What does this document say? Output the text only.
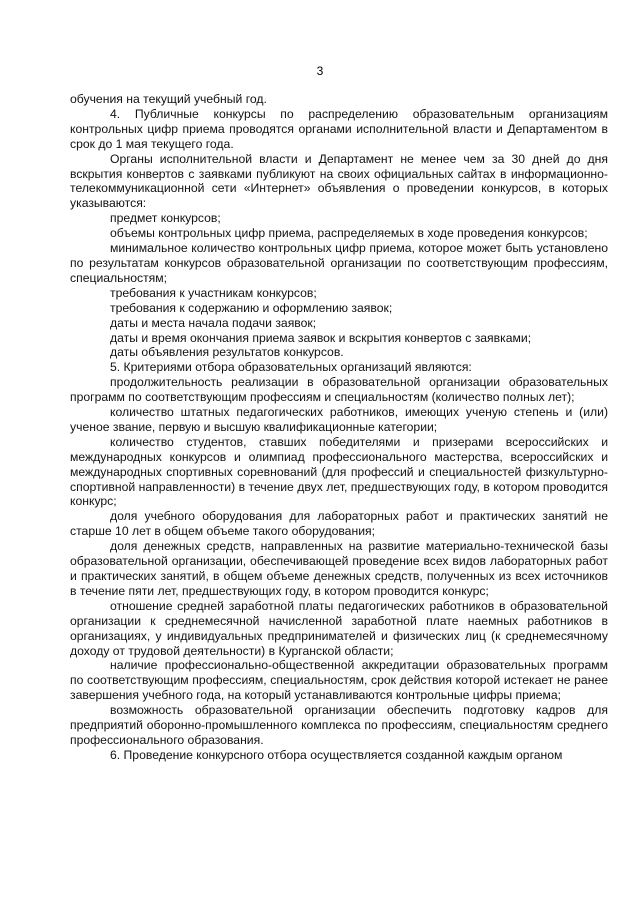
3

обучения на текущий учебный год.

4. Публичные конкурсы по распределению образовательным организациям контрольных цифр приема проводятся органами исполнительной власти и Департаментом в срок до 1 мая текущего года.

Органы исполнительной власти и Департамент не менее чем за 30 дней до дня вскрытия конвертов с заявками публикуют на своих официальных сайтах в информационно-телекоммуникационной сети «Интернет» объявления о проведении конкурсов, в которых указываются:

предмет конкурсов;

объемы контрольных цифр приема, распределяемых в ходе проведения конкурсов;

минимальное количество контрольных цифр приема, которое может быть установлено по результатам конкурсов образовательной организации по соответствующим профессиям, специальностям;

требования к участникам конкурсов;

требования к содержанию и оформлению заявок;

даты и места начала подачи заявок;

даты и время окончания приема заявок и вскрытия конвертов с заявками;

даты объявления результатов конкурсов.

5. Критериями отбора образовательных организаций являются:

продолжительность реализации в образовательной организации образовательных программ по соответствующим профессиям и специальностям (количество полных лет);

количество штатных педагогических работников, имеющих ученую степень и (или) ученое звание, первую и высшую квалификационные категории;

количество студентов, ставших победителями и призерами всероссийских и международных конкурсов и олимпиад профессионального мастерства, всероссийских и международных спортивных соревнований (для профессий и специальностей физкультурно-спортивной направленности) в течение двух лет, предшествующих году, в котором проводится конкурс;

доля учебного оборудования для лабораторных работ и практических занятий не старше 10 лет в общем объеме такого оборудования;

доля денежных средств, направленных на развитие материально-технической базы образовательной организации, обеспечивающей проведение всех видов лабораторных работ и практических занятий, в общем объеме денежных средств, полученных из всех источников в течение пяти лет, предшествующих году, в котором проводится конкурс;

отношение средней заработной платы педагогических работников в образовательной организации к среднемесячной начисленной заработной плате наемных работников в организациях, у индивидуальных предпринимателей и физических лиц (к среднемесячному доходу от трудовой деятельности) в Курганской области;

наличие профессионально-общественной аккредитации образовательных программ по соответствующим профессиям, специальностям, срок действия которой истекает не ранее завершения учебного года, на который устанавливаются контрольные цифры приема;

возможность образовательной организации обеспечить подготовку кадров для предприятий оборонно-промышленного комплекса по профессиям, специальностям среднего профессионального образования.

6. Проведение конкурсного отбора осуществляется созданной каждым органом
